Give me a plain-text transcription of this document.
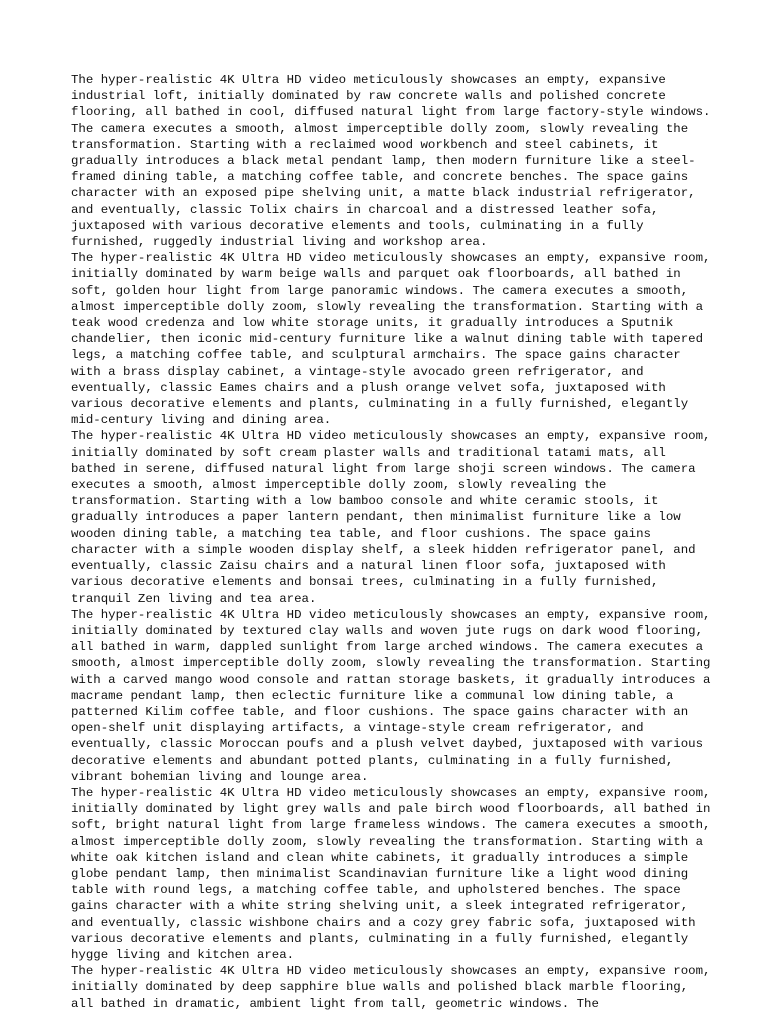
The hyper-realistic 4K Ultra HD video meticulously showcases an empty, expansive industrial loft, initially dominated by raw concrete walls and polished concrete flooring, all bathed in cool, diffused natural light from large factory-style windows. The camera executes a smooth, almost imperceptible dolly zoom, slowly revealing the transformation. Starting with a reclaimed wood workbench and steel cabinets, it gradually introduces a black metal pendant lamp, then modern furniture like a steel-framed dining table, a matching coffee table, and concrete benches. The space gains character with an exposed pipe shelving unit, a matte black industrial refrigerator, and eventually, classic Tolix chairs in charcoal and a distressed leather sofa, juxtaposed with various decorative elements and tools, culminating in a fully furnished, ruggedly industrial living and workshop area.

The hyper-realistic 4K Ultra HD video meticulously showcases an empty, expansive room, initially dominated by warm beige walls and parquet oak floorboards, all bathed in soft, golden hour light from large panoramic windows. The camera executes a smooth, almost imperceptible dolly zoom, slowly revealing the transformation. Starting with a teak wood credenza and low white storage units, it gradually introduces a Sputnik chandelier, then iconic mid-century furniture like a walnut dining table with tapered legs, a matching coffee table, and sculptural armchairs. The space gains character with a brass display cabinet, a vintage-style avocado green refrigerator, and eventually, classic Eames chairs and a plush orange velvet sofa, juxtaposed with various decorative elements and plants, culminating in a fully furnished, elegantly mid-century living and dining area.

The hyper-realistic 4K Ultra HD video meticulously showcases an empty, expansive room, initially dominated by soft cream plaster walls and traditional tatami mats, all bathed in serene, diffused natural light from large shoji screen windows. The camera executes a smooth, almost imperceptible dolly zoom, slowly revealing the transformation. Starting with a low bamboo console and white ceramic stools, it gradually introduces a paper lantern pendant, then minimalist furniture like a low wooden dining table, a matching tea table, and floor cushions. The space gains character with a simple wooden display shelf, a sleek hidden refrigerator panel, and eventually, classic Zaisu chairs and a natural linen floor sofa, juxtaposed with various decorative elements and bonsai trees, culminating in a fully furnished, tranquil Zen living and tea area.

The hyper-realistic 4K Ultra HD video meticulously showcases an empty, expansive room, initially dominated by textured clay walls and woven jute rugs on dark wood flooring, all bathed in warm, dappled sunlight from large arched windows. The camera executes a smooth, almost imperceptible dolly zoom, slowly revealing the transformation. Starting with a carved mango wood console and rattan storage baskets, it gradually introduces a macrame pendant lamp, then eclectic furniture like a communal low dining table, a patterned Kilim coffee table, and floor cushions. The space gains character with an open-shelf unit displaying artifacts, a vintage-style cream refrigerator, and eventually, classic Moroccan poufs and a plush velvet daybed, juxtaposed with various decorative elements and abundant potted plants, culminating in a fully furnished, vibrant bohemian living and lounge area.

The hyper-realistic 4K Ultra HD video meticulously showcases an empty, expansive room, initially dominated by light grey walls and pale birch wood floorboards, all bathed in soft, bright natural light from large frameless windows. The camera executes a smooth, almost imperceptible dolly zoom, slowly revealing the transformation. Starting with a white oak kitchen island and clean white cabinets, it gradually introduces a simple globe pendant lamp, then minimalist Scandinavian furniture like a light wood dining table with round legs, a matching coffee table, and upholstered benches. The space gains character with a white string shelving unit, a sleek integrated refrigerator, and eventually, classic wishbone chairs and a cozy grey fabric sofa, juxtaposed with various decorative elements and plants, culminating in a fully furnished, elegantly hygge living and kitchen area.

The hyper-realistic 4K Ultra HD video meticulously showcases an empty, expansive room, initially dominated by deep sapphire blue walls and polished black marble flooring, all bathed in dramatic, ambient light from tall, geometric windows. The
